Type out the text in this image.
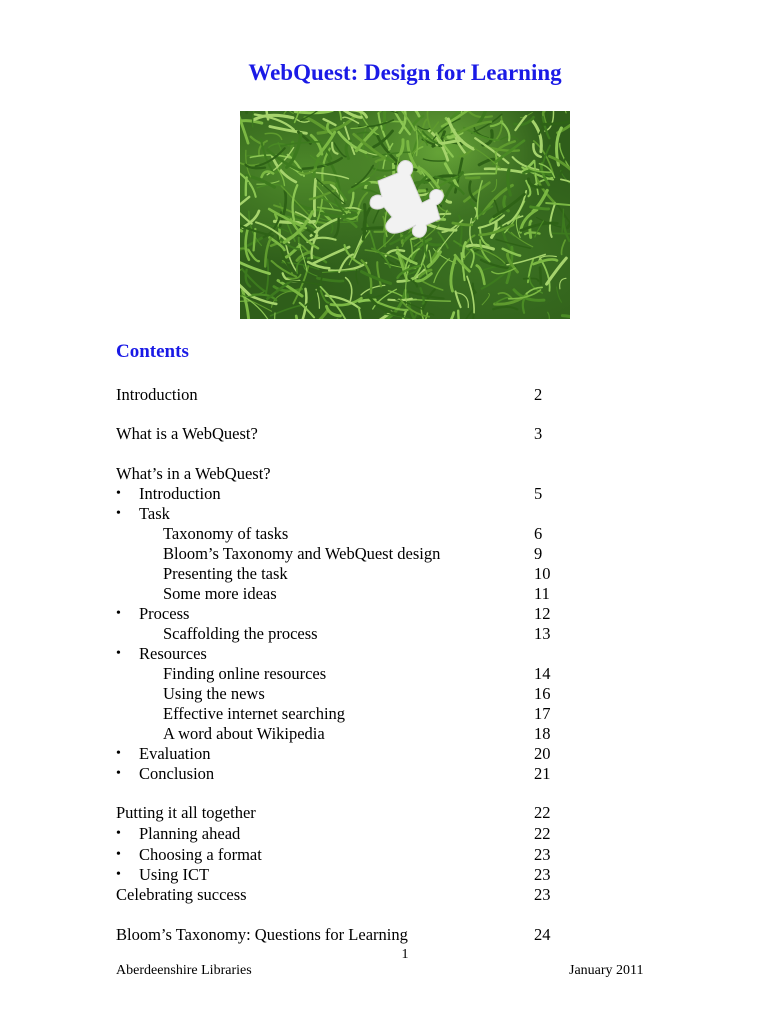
WebQuest: Design for Learning
Contents
Introduction	2
What is a WebQuest?	3
What’s in a WebQuest?
• Introduction	5
• Task
Taxonomy of tasks	6
Bloom’s Taxonomy and WebQuest design	9
Presenting the task	10
Some more ideas	11
• Process	12
Scaffolding the process	13
• Resources
Finding online resources	14
Using the news	16
Effective internet searching	17
A word about Wikipedia	18
• Evaluation	20
• Conclusion	21
Putting it all together	22
• Planning ahead	22
• Choosing a format	23
• Using ICT	23
Celebrating success	23
Bloom’s Taxonomy: Questions for Learning	24
1
Aberdeenshire Libraries	January 2011
